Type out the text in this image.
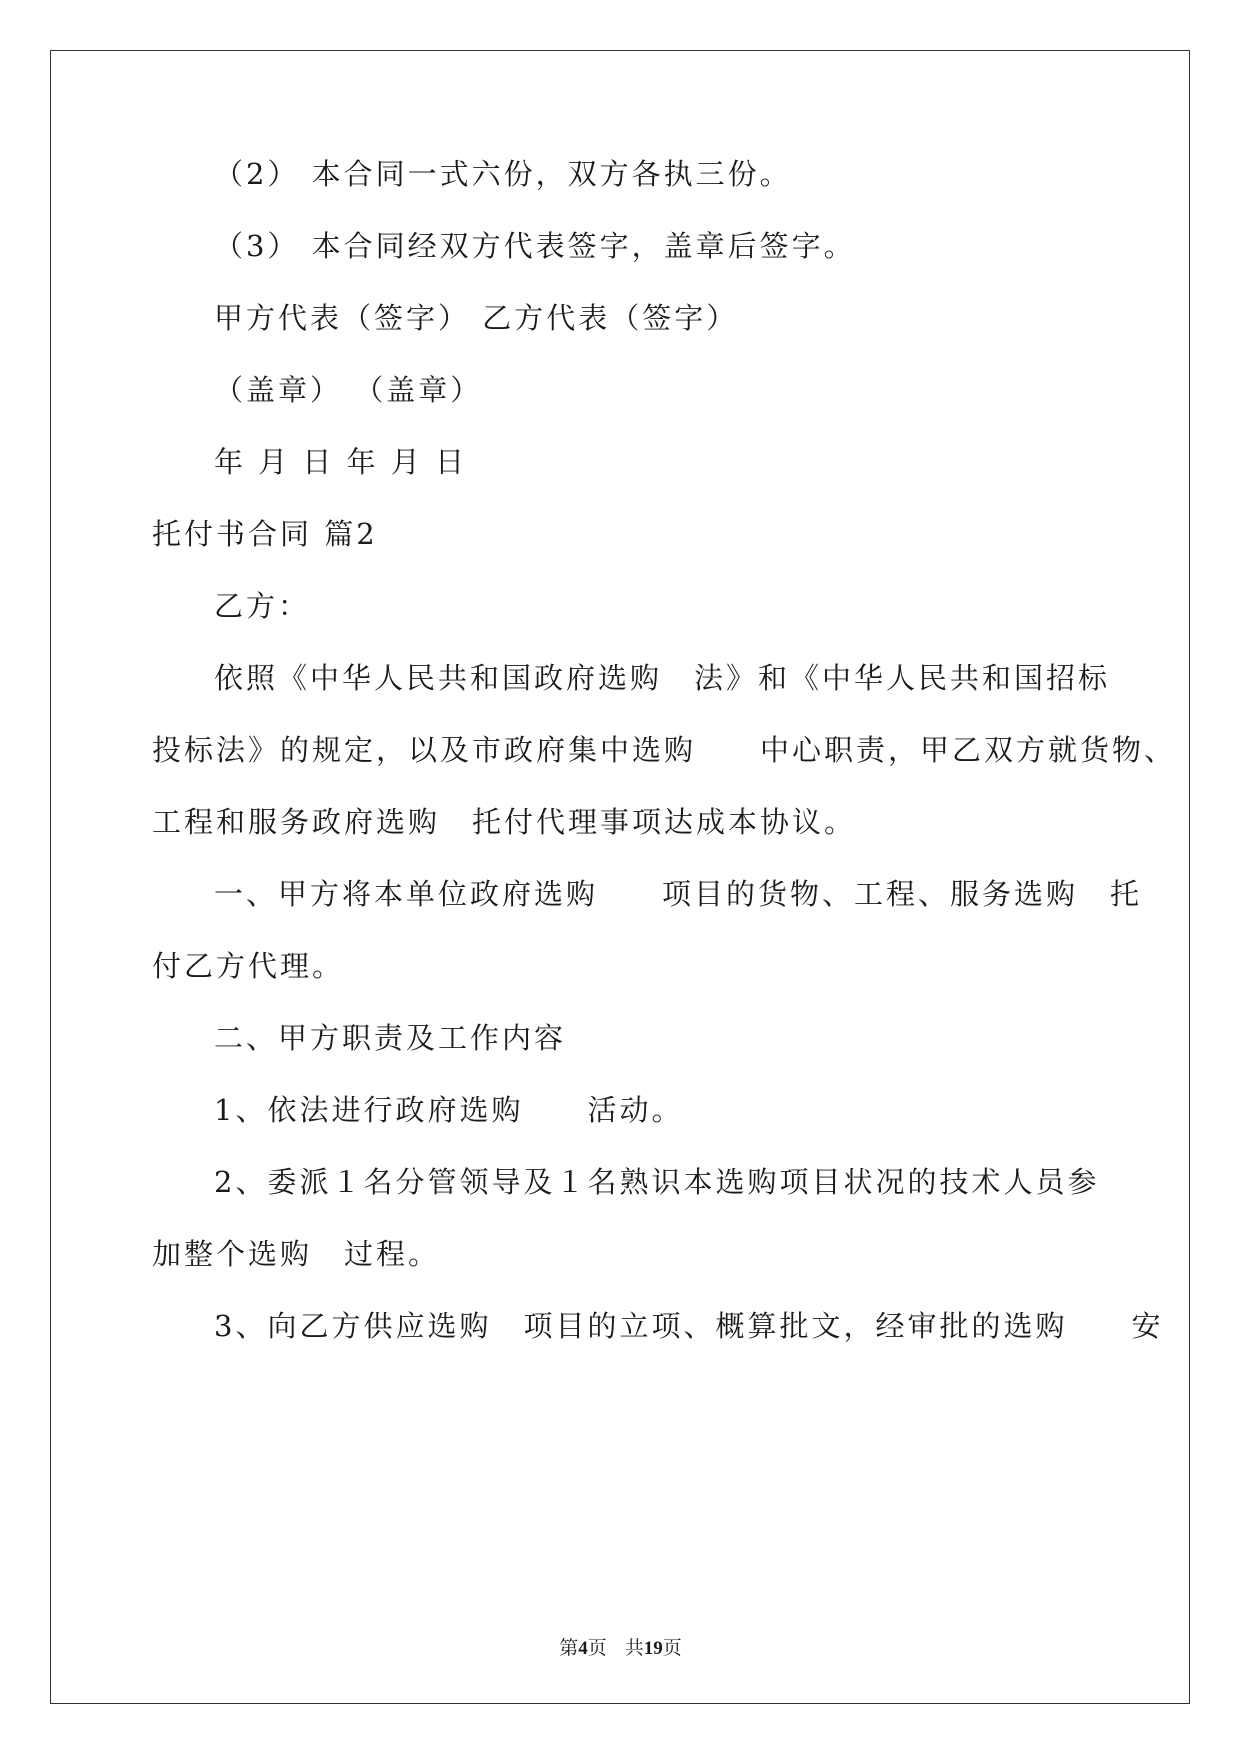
（2） 本合同一式六份，双方各执三份。
（3） 本合同经双方代表签字，盖章后签字。
甲方代表（签字） 乙方代表（签字）
（盖章） （盖章）
年 月 日 年 月 日
托付书合同 篇2
乙方：
依照《中华人民共和国政府选购　法》和《中华人民共和国招标
投标法》的规定，以及市政府集中选购　　中心职责，甲乙双方就货物、
工程和服务政府选购　托付代理事项达成本协议。
一、甲方将本单位政府选购　　项目的货物、工程、服务选购　托
付乙方代理。
二、甲方职责及工作内容
1、依法进行政府选购　　活动。
2、委派１名分管领导及１名熟识本选购项目状况的技术人员参
加整个选购　过程。
3、向乙方供应选购　项目的立项、概算批文，经审批的选购　　安
第4页 共19页
